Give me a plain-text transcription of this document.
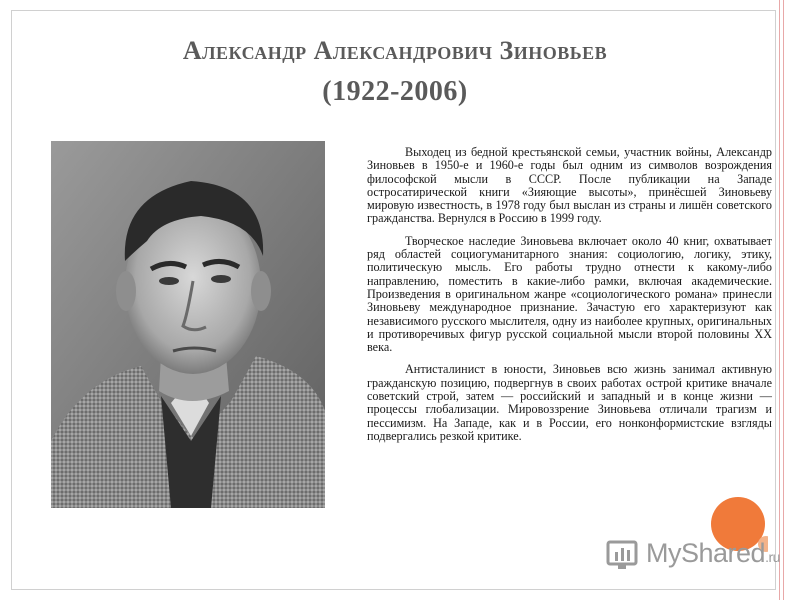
Александр Александрович Зиновьев
(1922-2006)

Выходец из бедной крестьянской семьи, участник войны, Александр Зиновьев в 1950-е и 1960-е годы был одним из символов возрождения философской мысли в СССР. После публикации на Западе остросатирической книги «Зияющие высоты», принёсшей Зиновьеву мировую известность, в 1978 году был выслан из страны и лишён советского гражданства. Вернулся в Россию в 1999 году.

Творческое наследие Зиновьева включает около 40 книг, охватывает ряд областей социогуманитарного знания: социологию, логику, этику, политическую мысль. Его работы трудно отнести к какому-либо направлению, поместить в какие-либо рамки, включая академические. Произведения в оригинальном жанре «социологического романа» принесли Зиновьеву международное признание. Зачастую его характеризуют как независимого русского мыслителя, одну из наиболее крупных, оригинальных и противоречивых фигур русской социальной мысли второй половины XX века.

Антисталинист в юности, Зиновьев всю жизнь занимал активную гражданскую позицию, подвергнув в своих работах острой критике вначале советский строй, затем — российский и западный и в конце жизни — процессы глобализации. Мировоззрение Зиновьева отличали трагизм и пессимизм. На Западе, как и в России, его нонконформистские взгляды подвергались резкой критике.

MyShared.ru
